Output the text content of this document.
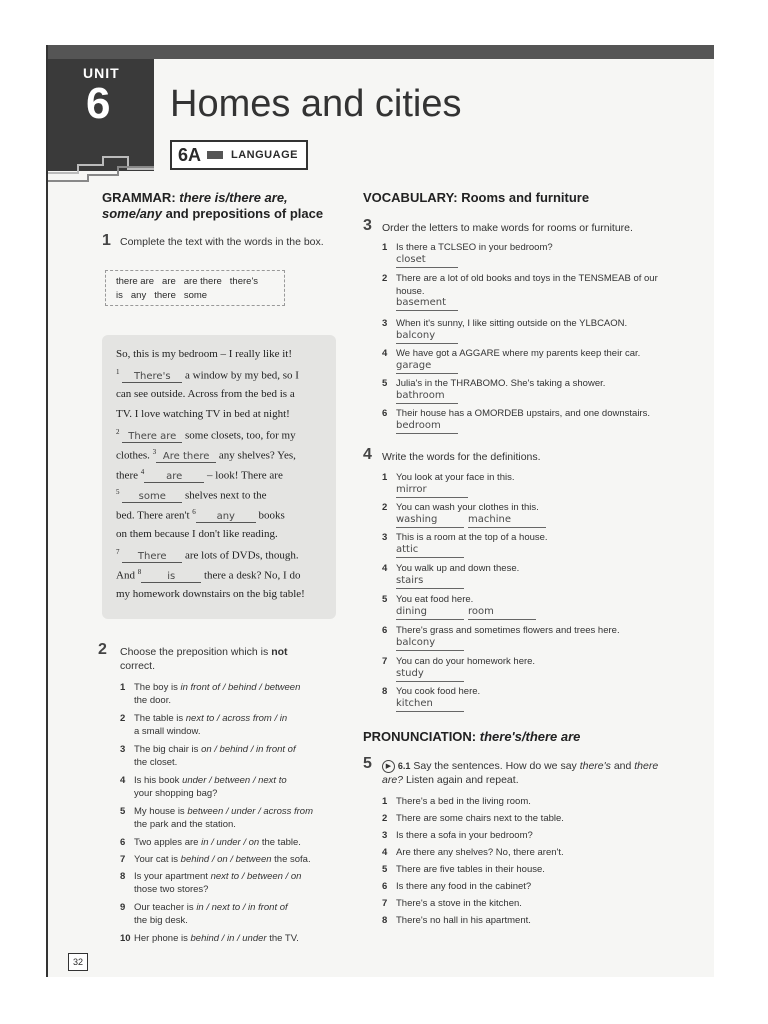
UNIT
6 Homes and cities
6A	LANGUAGE
GRAMMAR: there is/there are,
some/any and prepositions of place
1 Complete the text with the words in the box.
there are are are there there's
is any there some
So, this is my bedroom – I really like it!
$^1$ There's a window by my bed, so I
can see outside. Across from the bed is a
TV. I love watching TV in bed at night!
$^2$ There are some closets, too, for my
clothes. $^3$ Are there any shelves? Yes,
there $^4$ are – look! There are
$^5$ some shelves next to the
bed. There aren't $^6$ any books
on them because I don't like reading.
$^7$ There are lots of DVDs, though.
And $^8$	is	there a desk? No, I do
my homework downstairs on the big table!
2 Choose the preposition which is not
correct.
1 The boy is in front of / behind / between
the door.
2 The table is next to / across from / in
a small window.
3 The big chair is on / behind / in front of
the closet.
4 Is his book under / between / next to
your shopping bag?
5 My house is between / under / across from
the park and the station.
6 Two apples are in / under / on the table.
7 Your cat is behind / on / between the sofa.
8 Is your apartment next to / between / on
those two stores?
9 Our teacher is in / next to / in front of
the big desk.
10 Her phone is behind / in / under the TV.
VOCABULARY: Rooms and furniture
3 Order the letters to make words for rooms or furniture.
1 Is there a TCLSEO in your bedroom?
closet
2 There are a lot of old books and toys in the TENSMEAB of our
house.
basement
3 When it's sunny, I like sitting outside on the YLBCAON.
balcony
4 We have got a AGGARE where my parents keep their car.
garage
5 Julia's in the THRABOMO. She's taking a shower.
bathroom
6 Their house has a OMORDEB upstairs, and one downstairs.
bedroom
4 Write the words for the definitions.
1 You look at your face in this.
mirror
2 You can wash your clothes in this.
washing	machine
3 This is a room at the top of a house.
attic
4 You walk up and down these.
stairs
5 You eat food here.
dining	room
6 There's grass and sometimes flowers and trees here.
balcony
7 You can do your homework here.
study
8 You cook food here.
kitchen
PRONUNCIATION: there's/there are
5	▶ 6.1 Say the sentences. How do we say there's and there
are? Listen again and repeat.
1 There's a bed in the living room.
2 There are some chairs next to the table.
3 Is there a sofa in your bedroom?
4 Are there any shelves? No, there aren't.
5 There are five tables in their house.
6 Is there any food in the cabinet?
7 There's a stove in the kitchen.
8 There's no hall in his apartment.
32
